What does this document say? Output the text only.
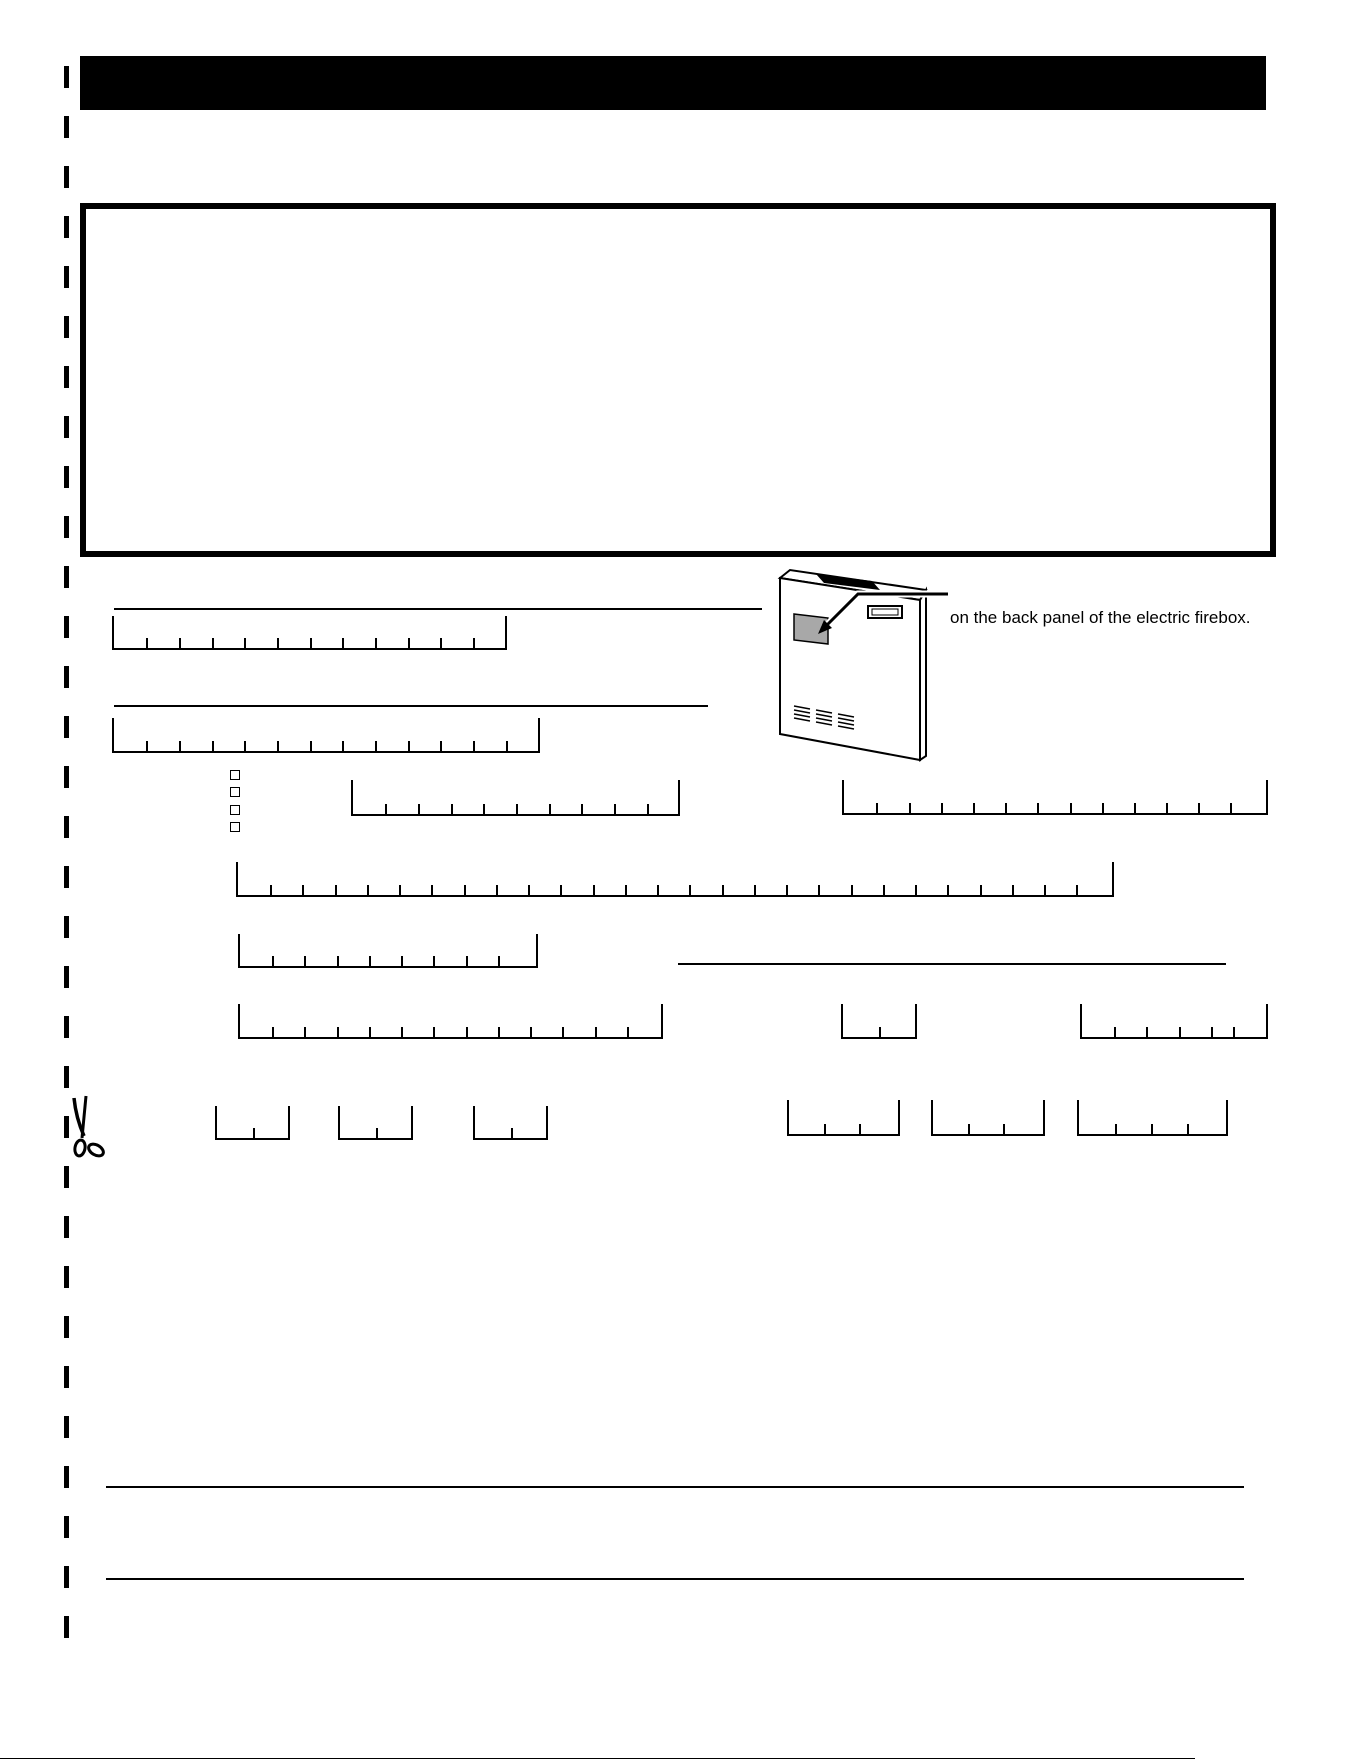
on the back panel of the electric firebox.
